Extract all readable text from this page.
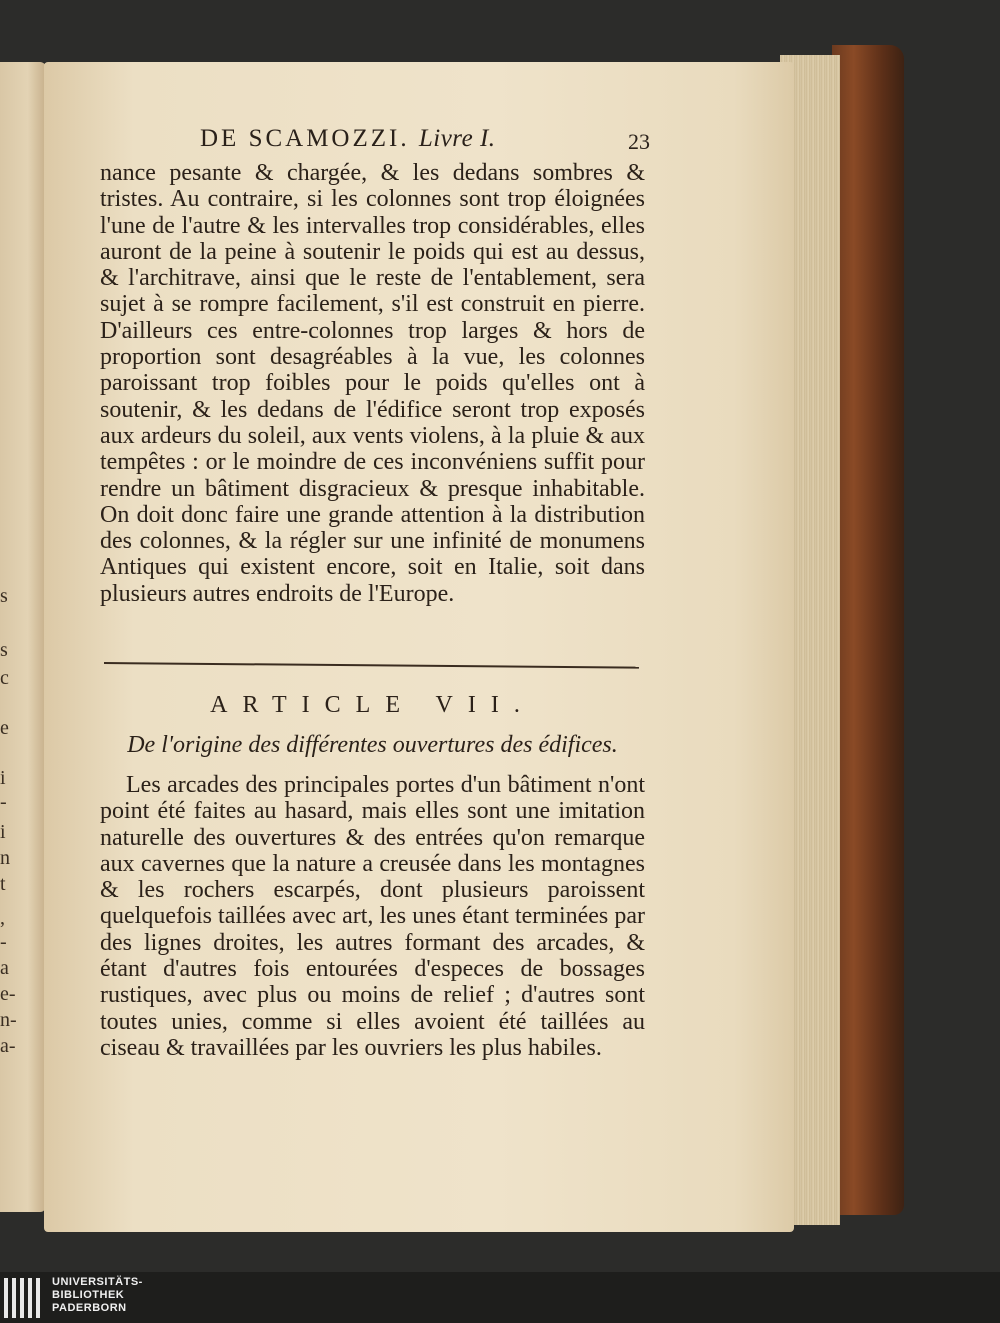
s
s
c
e
i
-
i
n
t
,
-
a
e-
n-
a-
DE SCAMOZZI. Livre I.	23
nance pesante & chargée, & les dedans sombres & tristes. Au contraire, si les colonnes sont trop éloignées l'une de l'autre & les intervalles trop considérables, elles auront de la peine à soutenir le poids qui est au dessus, & l'architrave, ainsi que le reste de l'entablement, sera sujet à se rompre facilement, s'il est construit en pierre. D'ailleurs ces entre-colonnes trop larges & hors de proportion sont desagréables à la vue, les colonnes paroissant trop foibles pour le poids qu'elles ont à soutenir, & les dedans de l'édifice seront trop exposés aux ardeurs du soleil, aux vents violens, à la pluie & aux tempêtes : or le moindre de ces inconvéniens suffit pour rendre un bâtiment disgracieux & presque inhabitable. On doit donc faire une grande attention à la distribution des colonnes, & la régler sur une infinité de monumens Antiques qui existent encore, soit en Italie, soit dans plusieurs autres endroits de l'Europe.
ARTICLE VII.
De l'origine des différentes ouvertures des édifices.
Les arcades des principales portes d'un bâtiment n'ont point été faites au hasard, mais elles sont une imitation naturelle des ouvertures & des entrées qu'on remarque aux cavernes que la nature a creusée dans les montagnes & les rochers escarpés, dont plusieurs paroissent quelquefois taillées avec art, les unes étant terminées par des lignes droites, les autres formant des arcades, & étant d'autres fois entourées d'especes de bossages rustiques, avec plus ou moins de relief ; d'autres sont toutes unies, comme si elles avoient été taillées au ciseau & travaillées par les ouvriers les plus habiles.
UNIVERSITÄTS-
BIBLIOTHEK
PADERBORN
